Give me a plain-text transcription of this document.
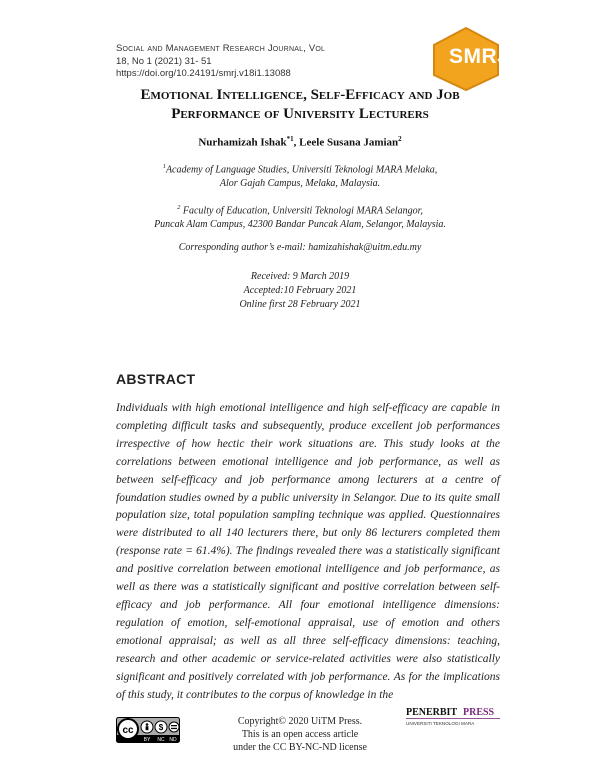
Social and Management Research Journal, Vol
18, No 1 (2021) 31- 51
https://doi.org/10.24191/smrj.v18i1.13088
SMRJ
Emotional Intelligence, Self-Efficacy and Job
Performance of University Lecturers
Nurhamizah Ishak$^{*1}$, Leele Susana Jamian$^2$
$^1$Academy of Language Studies, Universiti Teknologi MARA Melaka,
Alor Gajah Campus, Melaka, Malaysia.
$^2$ Faculty of Education, Universiti Teknologi MARA Selangor,
Puncak Alam Campus, 42300 Bandar Puncak Alam, Selangor, Malaysia.
Corresponding author’s e-mail: hamizahishak@uitm.edu.my
Received: 9 March 2019
Accepted:10 February 2021
Online first 28 February 2021
ABSTRACT
Individuals with high emotional intelligence and high self-efficacy are capable in completing difficult tasks and subsequently, produce excellent job performances irrespective of how hectic their work situations are. This study looks at the correlations between emotional intelligence and job performance, as well as between self-efficacy and job performance among lecturers at a centre of foundation studies owned by a public university in Selangor. Due to its quite small population size, total population sampling technique was applied. Questionnaires were distributed to all 140 lecturers there, but only 86 lecturers completed them (response rate = 61.4%). The findings revealed there was a statistically significant and positive correlation between emotional intelligence and job performance, as well as there was a statistically significant and positive correlation between self-efficacy and job performance. All four emotional intelligence dimensions: regulation of emotion, self-emotional appraisal, use of emotion and others emotional appraisal; as well as all three self-efficacy dimensions: teaching, research and other academic or service-related activities were also statistically significant and positively correlated with job performance. As for the implications of this study, it contributes to the corpus of knowledge in the
cc	$
BY NC ND
Copyright© 2020 UiTM Press.
This is an open access article
under the CC BY-NC-ND license
PENERBIT PRESS
UNIVERSITI TEKNOLOGI MARA
